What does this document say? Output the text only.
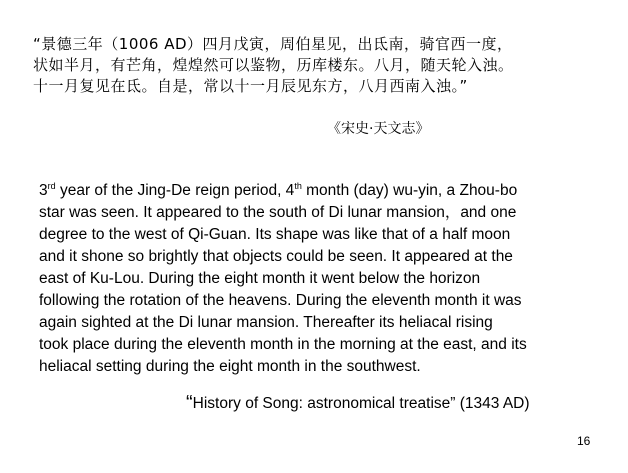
“景德三年（1006 AD）四月戊寅，周伯星见，出氐南，骑官西一度，
状如半月，有芒角，煌煌然可以鉴物，历库楼东。八月，随天轮入浊。
十一月复见在氐。自是，常以十一月辰见东方，八月西南入浊。”
《宋史·天文志》
3rd year of the Jing-De reign period, 4th month (day) wu-yin, a Zhou-bo
star was seen. It appeared to the south of Di lunar mansion，and one
degree to the west of Qi-Guan. Its shape was like that of a half moon
and it shone so brightly that objects could be seen. It appeared at the
east of Ku-Lou. During the eight month it went below the horizon
following the rotation of the heavens. During the eleventh month it was
again sighted at the Di lunar mansion. Thereafter its heliacal rising
took place during the eleventh month in the morning at the east, and its
heliacal setting during the eight month in the southwest.
“History of Song: astronomical treatise” (1343 AD)
16
